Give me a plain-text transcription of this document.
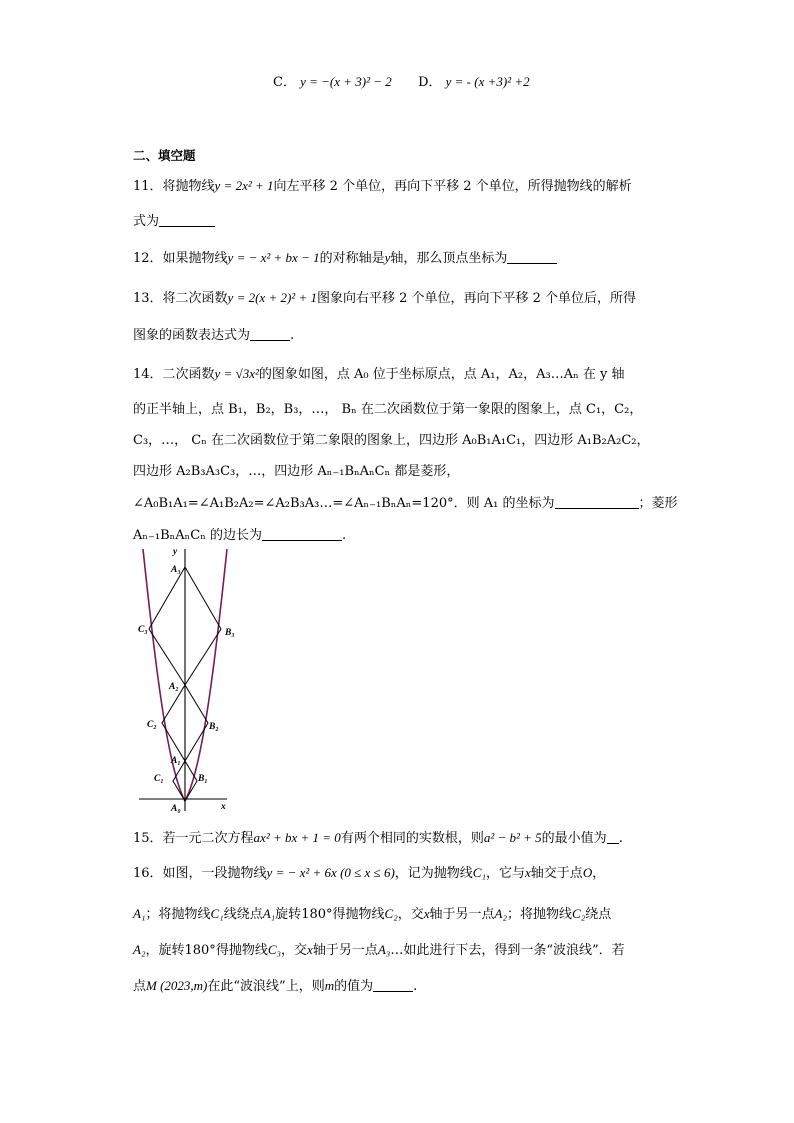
C． y = −(x + 3)² − 2 D． y = - (x +3)² +2
二、填空题
11．将抛物线y = 2x² + 1向左平移 2 个单位，再向下平移 2 个单位，所得抛物线的解析
式为
12．如果抛物线y = − x² + bx − 1的对称轴是y轴，那么顶点坐标为
13．将二次函数y = 2(x + 2)² + 1图象向右平移 2 个单位，再向下平移 2 个单位后，所得
图象的函数表达式为	.
14．二次函数y = √3x²的图象如图，点 A₀ 位于坐标原点，点 A₁，A₂，A₃…Aₙ 在 y 轴
的正半轴上，点 B₁，B₂，B₃，…， Bₙ 在二次函数位于第一象限的图象上，点 C₁，C₂，
C₃，…， Cₙ 在二次函数位于第二象限的图象上，四边形 A₀B₁A₁C₁，四边形 A₁B₂A₂C₂，
四边形 A₂B₃A₃C₃，…，四边形 Aₙ₋₁BₙAₙCₙ 都是菱形，
∠A₀B₁A₁=∠A₁B₂A₂=∠A₂B₃A₃…=∠Aₙ₋₁BₙAₙ=120°．则 A₁ 的坐标为	；菱形
Aₙ₋₁BₙAₙCₙ 的边长为	.
y
x
A₃
C₃	B₃
A₂
C₂	B₂
A₁
C₁	B₁
A₀
15．若一元二次方程ax² + bx + 1 = 0有两个相同的实数根，则a² − b² + 5的最小值为 .
16．如图，一段抛物线y = − x² + 6x (0 ≤ x ≤ 6)，记为抛物线C₁，它与x轴交于点O，
A₁；将抛物线C₁线绕点A₁旋转180°得抛物线C₂，交x轴于另一点A₂；将抛物线C₂绕点
A₂，旋转180°得抛物线C₃，交x轴于另一点A₃…如此进行下去，得到一条“波浪线”．若
点M (2023,m)在此“波浪线”上，则m的值为	.
